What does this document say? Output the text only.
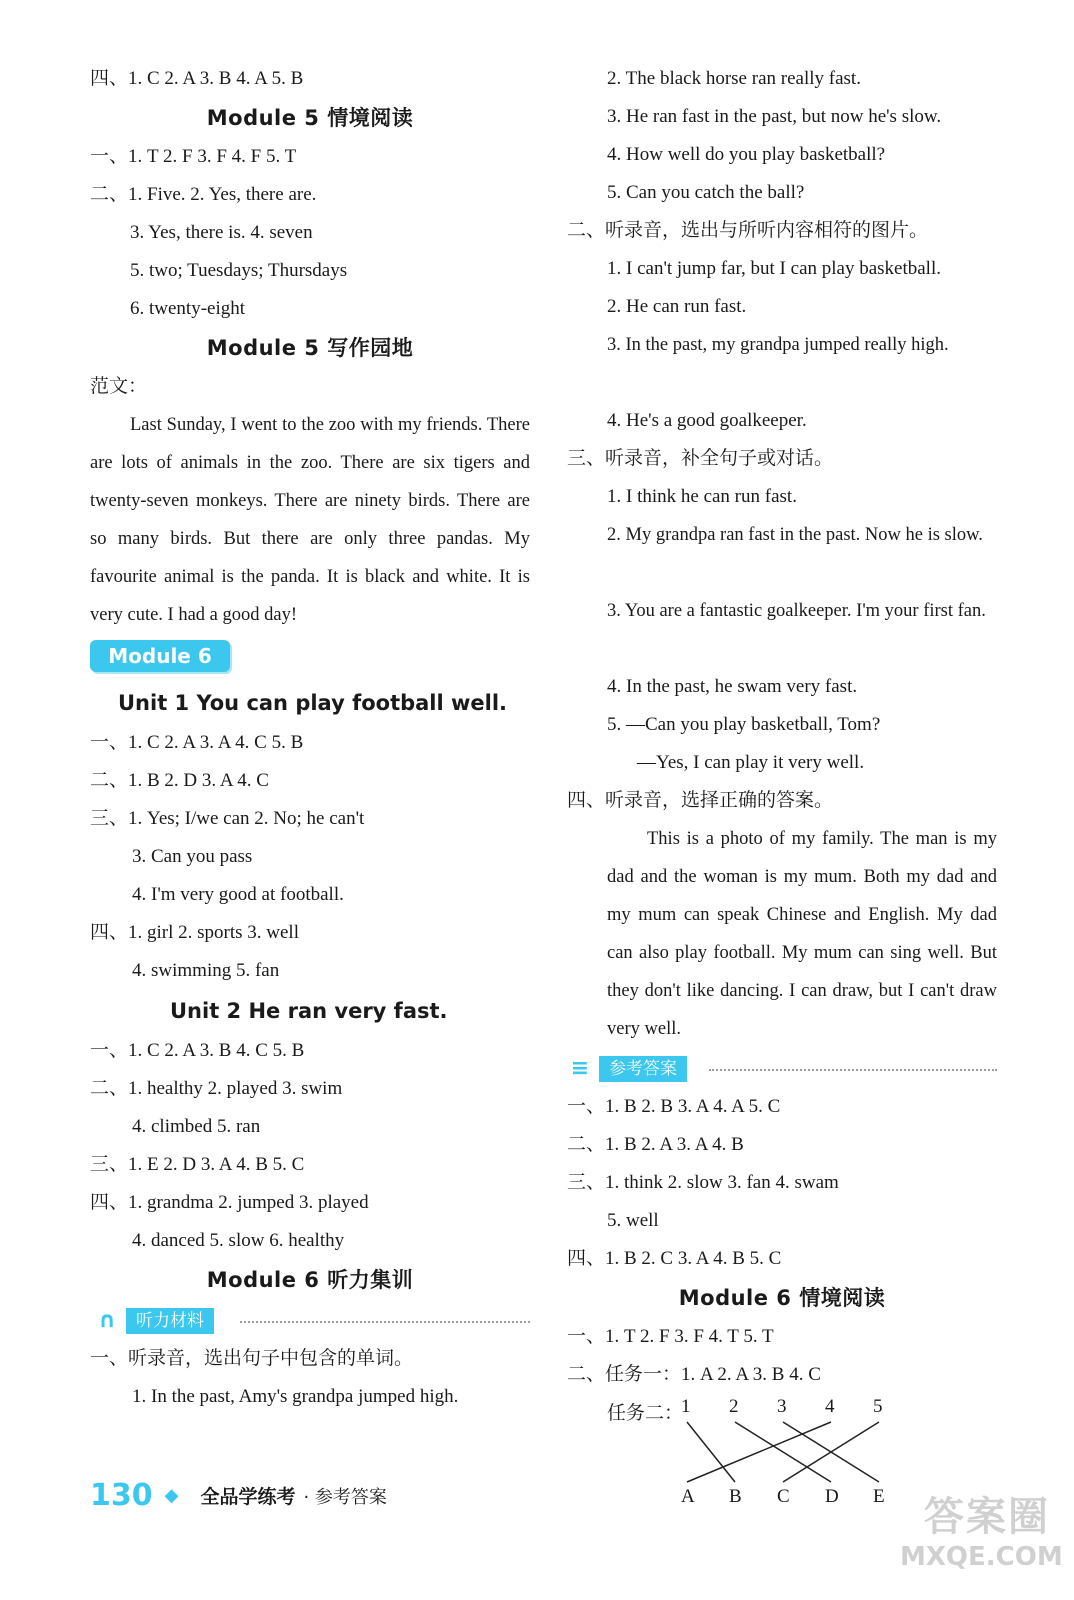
四、1. C 2. A 3. B 4. A 5. B
Module 5 情境阅读
一、1. T 2. F 3. F 4. F 5. T
二、1. Five. 2. Yes, there are.
3. Yes, there is. 4. seven
5. two; Tuesdays; Thursdays
6. twenty-eight
Module 5 写作园地
范文：
Last Sunday, I went to the zoo with my friends. There are lots of animals in the zoo. There are six tigers and twenty-seven monkeys. There are ninety birds. There are so many birds. But there are only three pandas. My favourite animal is the panda. It is black and white. It is very cute. I had a good day!
Module 6
Unit 1 You can play football well.
一、1. C 2. A 3. A 4. C 5. B
二、1. B 2. D 3. A 4. C
三、1. Yes; I/we can 2. No; he can't
3. Can you pass
4. I'm very good at football.
四、1. girl 2. sports 3. well
4. swimming 5. fan
Unit 2 He ran very fast.
一、1. C 2. A 3. B 4. C 5. B
二、1. healthy 2. played 3. swim
4. climbed 5. ran
三、1. E 2. D 3. A 4. B 5. C
四、1. grandma 2. jumped 3. played
4. danced 5. slow 6. healthy
Module 6 听力集训
∩	听力材料
一、听录音，选出句子中包含的单词。
1. In the past, Amy's grandpa jumped high.
2. The black horse ran really fast.
3. He ran fast in the past, but now he's slow.
4. How well do you play basketball?
5. Can you catch the ball?
二、听录音，选出与所听内容相符的图片。
1. I can't jump far, but I can play basketball.
2. He can run fast.
3. In the past, my grandpa jumped really high.
4. He's a good goalkeeper.
三、听录音，补全句子或对话。
1. I think he can run fast.
2. My grandpa ran fast in the past. Now he is slow.
3. You are a fantastic goalkeeper. I'm your first fan.
4. In the past, he swam very fast.
5. —Can you play basketball, Tom?
—Yes, I can play it very well.
四、听录音，选择正确的答案。
This is a photo of my family. The man is my dad and the woman is my mum. Both my dad and my mum can speak Chinese and English. My dad can also play football. My mum can sing well. But they don't like dancing. I can draw, but I can't draw very well.
≡	参考答案
一、1. B 2. B 3. A 4. A 5. C
二、1. B 2. A 3. A 4. B
三、1. think 2. slow 3. fan 4. swam
5. well
四、1. B 2. C 3. A 4. B 5. C
Module 6 情境阅读
一、1. T 2. F 3. F 4. T 5. T
二、任务一：1. A 2. A 3. B 4. C
任务二：
1 2 3 4 5
A B C D E
130 ◆ 全品学练考 · 参考答案	答案圈
MXQE.COM
